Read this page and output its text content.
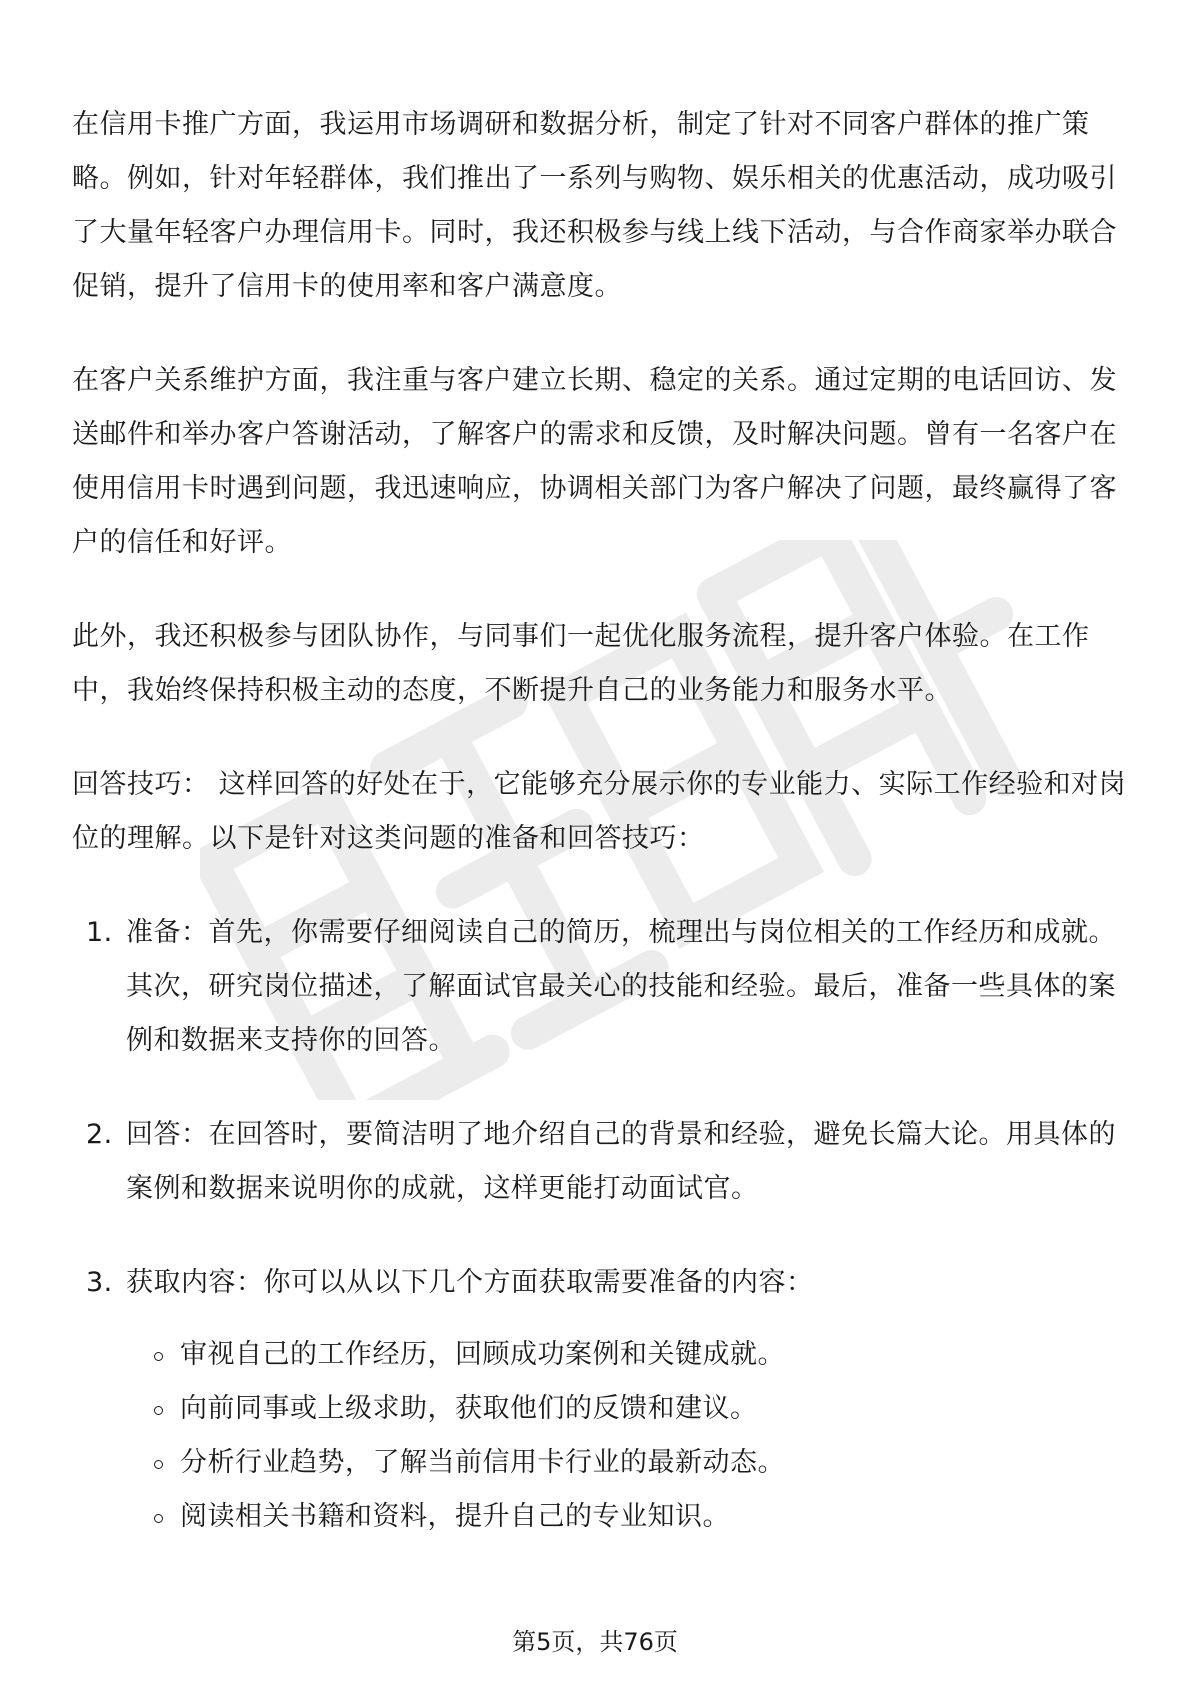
在信用卡推广方面，我运用市场调研和数据分析，制定了针对不同客户群体的推广策略。例如，针对年轻群体，我们推出了一系列与购物、娱乐相关的优惠活动，成功吸引了大量年轻客户办理信用卡。同时，我还积极参与线上线下活动，与合作商家举办联合促销，提升了信用卡的使用率和客户满意度。

在客户关系维护方面，我注重与客户建立长期、稳定的关系。通过定期的电话回访、发送邮件和举办客户答谢活动，了解客户的需求和反馈，及时解决问题。曾有一名客户在使用信用卡时遇到问题，我迅速响应，协调相关部门为客户解决了问题，最终赢得了客户的信任和好评。

此外，我还积极参与团队协作，与同事们一起优化服务流程，提升客户体验。在工作中，我始终保持积极主动的态度，不断提升自己的业务能力和服务水平。

回答技巧： 这样回答的好处在于，它能够充分展示你的专业能力、实际工作经验和对岗位的理解。以下是针对这类问题的准备和回答技巧：

1. 准备：首先，你需要仔细阅读自己的简历，梳理出与岗位相关的工作经历和成就。其次，研究岗位描述，了解面试官最关心的技能和经验。最后，准备一些具体的案例和数据来支持你的回答。
2. 回答：在回答时，要简洁明了地介绍自己的背景和经验，避免长篇大论。用具体的案例和数据来说明你的成就，这样更能打动面试官。
3. 获取内容：你可以从以下几个方面获取需要准备的内容：
审视自己的工作经历，回顾成功案例和关键成就。
向前同事或上级求助，获取他们的反馈和建议。
分析行业趋势，了解当前信用卡行业的最新动态。
阅读相关书籍和资料，提升自己的专业知识。
第5页，共76页
